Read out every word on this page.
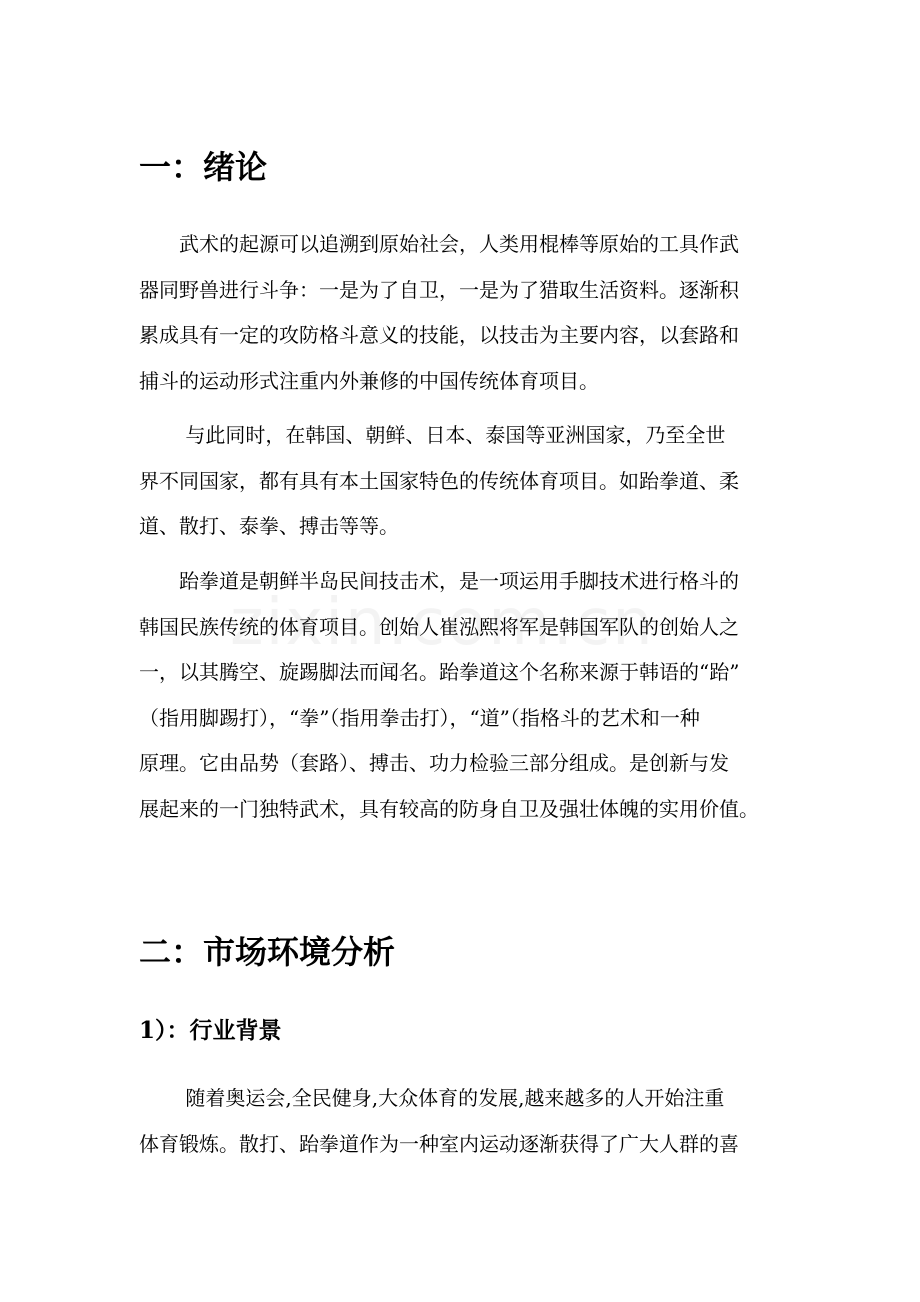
一：绪论
　　武术的起源可以追溯到原始社会，人类用棍棒等原始的工具作武
器同野兽进行斗争：一是为了自卫，一是为了猎取生活资料。逐渐积
累成具有一定的攻防格斗意义的技能，以技击为主要内容，以套路和
捕斗的运动形式注重内外兼修的中国传统体育项目。
　　 与此同时，在韩国、朝鲜、日本、泰国等亚洲国家，乃至全世
界不同国家，都有具有本土国家特色的传统体育项目。如跆拳道、柔
道、散打、泰拳、搏击等等。
　　跆拳道是朝鲜半岛民间技击术，是一项运用手脚技术进行格斗的
韩国民族传统的体育项目。创始人崔泓熙将军是韩国军队的创始人之
一，以其腾空、旋踢脚法而闻名。跆拳道这个名称来源于韩语的“跆”
（指用脚踢打），“拳”（指用拳击打），“道”（指格斗的艺术和一种
原理。它由品势（套路）、搏击、功力检验三部分组成。是创新与发
展起来的一门独特武术，具有较高的防身自卫及强壮体魄的实用价值。
二：市场环境分析
1）：行业背景
　　 随着奥运会,全民健身,大众体育的发展,越来越多的人开始注重
体育锻炼。散打、跆拳道作为一种室内运动逐渐获得了广大人群的喜
